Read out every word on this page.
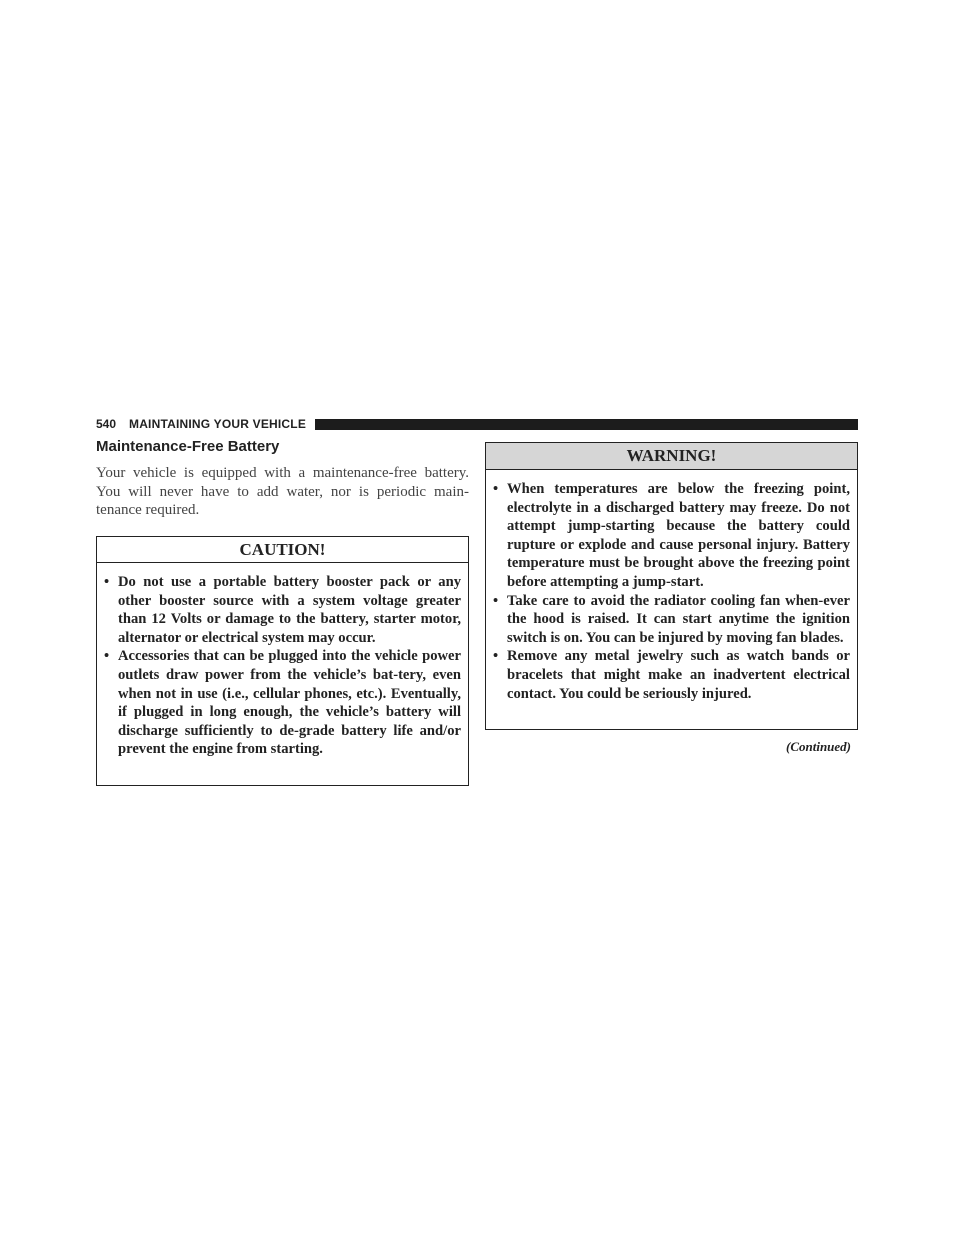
540 MAINTAINING YOUR VEHICLE
Maintenance-Free Battery

Your vehicle is equipped with a maintenance-free battery. You will never have to add water, nor is periodic main-tenance required.

CAUTION!
• Do not use a portable battery booster pack or any other booster source with a system voltage greater than 12 Volts or damage to the battery, starter motor, alternator or electrical system may occur.
• Accessories that can be plugged into the vehicle power outlets draw power from the vehicle’s bat-tery, even when not in use (i.e., cellular phones, etc.). Eventually, if plugged in long enough, the vehicle’s battery will discharge sufficiently to de-grade battery life and/or prevent the engine from starting.
WARNING!
• When temperatures are below the freezing point, electrolyte in a discharged battery may freeze. Do not attempt jump-starting because the battery could rupture or explode and cause personal injury. Battery temperature must be brought above the freezing point before attempting a jump-start.
• Take care to avoid the radiator cooling fan when-ever the hood is raised. It can start anytime the ignition switch is on. You can be injured by moving fan blades.
• Remove any metal jewelry such as watch bands or bracelets that might make an inadvertent electrical contact. You could be seriously injured.
(Continued)
